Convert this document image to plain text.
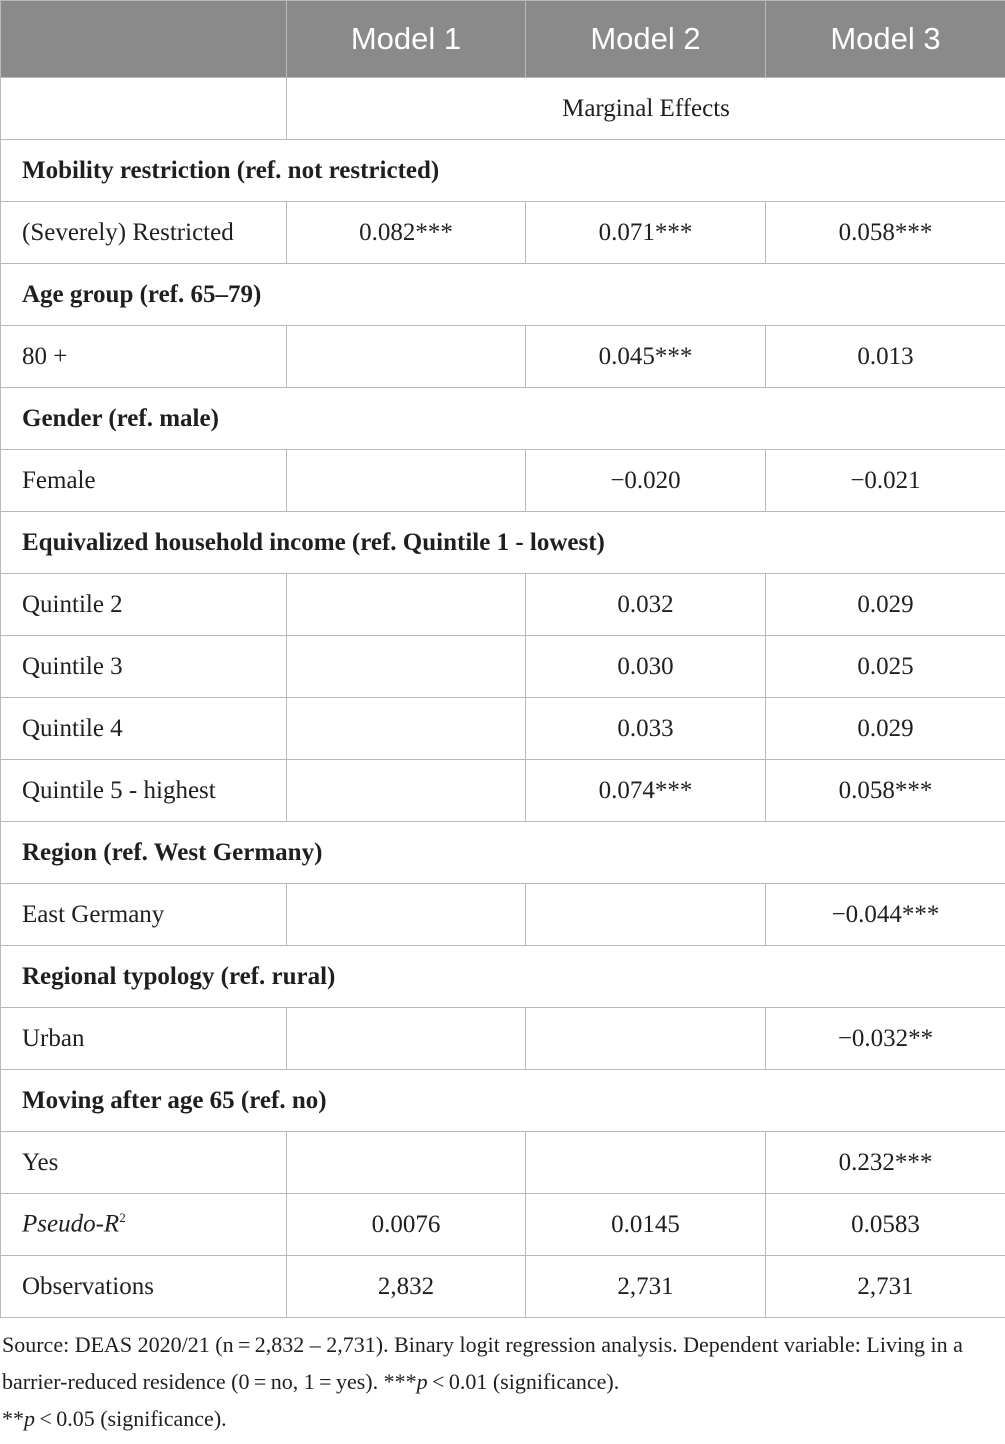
	Model 1	Model 2	Model 3
	Marginal Effects		
Mobility restriction (ref. not restricted)			
(Severely) Restricted	0.082***	0.071***	0.058***
Age group (ref. 65–79)			
80 +		0.045***	0.013
Gender (ref. male)			
Female		−0.020	−0.021
Equivalized household income (ref. Quintile 1 - lowest)			
Quintile 2		0.032	0.029
Quintile 3		0.030	0.025
Quintile 4		0.033	0.029
Quintile 5 - highest		0.074***	0.058***
Region (ref. West Germany)			
East Germany			−0.044***
Regional typology (ref. rural)			
Urban			−0.032**
Moving after age 65 (ref. no)			
Yes			0.232***
Pseudo-$R^2$	0.0076	0.0145	0.0583
Observations	2,832	2,731	2,731
Source: DEAS 2020/21 (n = 2,832 – 2,731). Binary logit regression analysis. Dependent variable: Living in a barrier-reduced residence (0 = no, 1 = yes). ***p < 0.01 (significance).
**p < 0.05 (significance).
